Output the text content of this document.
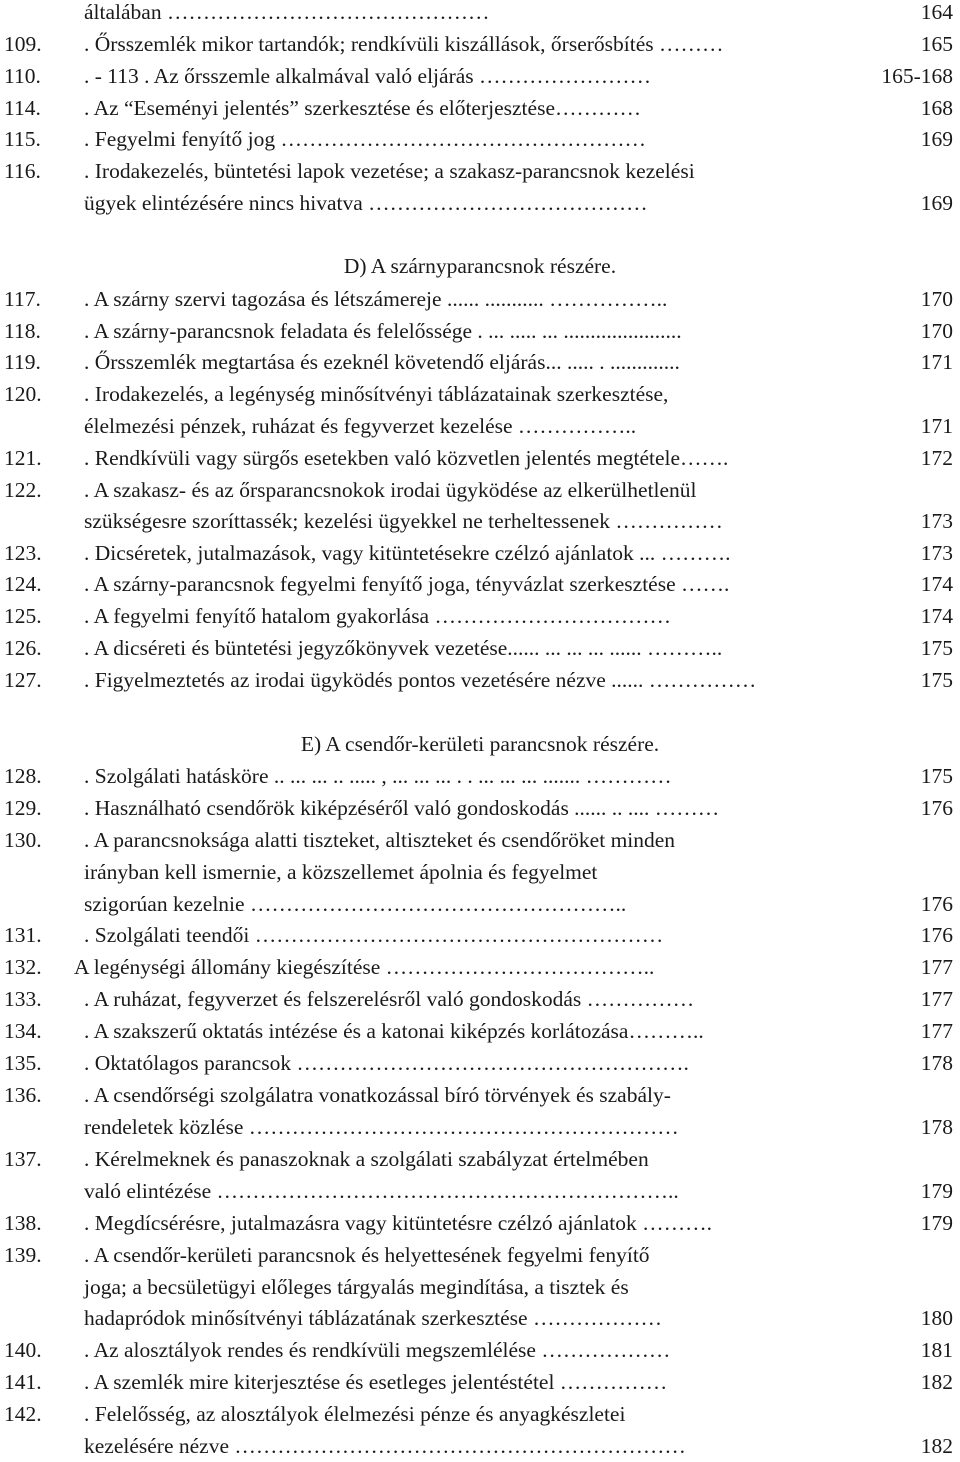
általában ………………………………………	164
109. . Őrsszemlék mikor tartandók; rendkívüli kiszállások, őrserősbítés ………	165
110. . - 113 . Az őrsszemle alkalmával való eljárás ……………………	165-168
114. . Az “Eseményi jelentés” szerkesztése és előterjesztése…………	168
115. . Fegyelmi fenyítő jog ……………………………………………	169
116. . Irodakezelés, büntetési lapok vezetése; a szakasz-parancsnok kezelési
ügyek elintézésére nincs hivatva …………………………………	169
D) A szárnyparancsnok részére.
117. . A szárny szervi tagozása és létszámereje ...... ........... ……………..	170
118. . A szárny-parancsnok feladata és felelőssége . ... ..... ... ......................	170
119. . Őrsszemlék megtartása és ezeknél követendő eljárás... ..... . .............	171
120. . Irodakezelés, a legénység minősítvényi táblázatainak szerkesztése,
élelmezési pénzek, ruházat és fegyverzet kezelése ……………..	171
121. . Rendkívüli vagy sürgős esetekben való közvetlen jelentés megtétele…….	172
122. . A szakasz- és az őrsparancsnokok irodai ügyködése az elkerülhetlenül
szükségesre szoríttassék; kezelési ügyekkel ne terheltessenek ……………	173
123. . Dicséretek, jutalmazások, vagy kitüntetésekre czélzó ajánlatok ... ……….	173
124. . A szárny-parancsnok fegyelmi fenyítő joga, tényvázlat szerkesztése …….	174
125. . A fegyelmi fenyítő hatalom gyakorlása ……………………………	174
126. . A dicséreti és büntetési jegyzőkönyvek vezetése...... ... ... ... ...... ………..	175
127. . Figyelmeztetés az irodai ügyködés pontos vezetésére nézve ...... ……………	175
E) A csendőr-kerületi parancsnok részére.
128. . Szolgálati hatásköre .. ... ... .. ..... , ... ... ... . . ... ... ... ....... …………	175
129. . Használható csendőrök kiképzéséről való gondoskodás ...... .. .... ………	176
130. . A parancsnoksága alatti tiszteket, altiszteket és csendőröket minden
irányban kell ismernie, a közszellemet ápolnia és fegyelmet
szigorúan kezelnie ……………………………………………..	176
131. . Szolgálati teendői …………………………………………………	176
132. A legénységi állomány kiegészítése ………………………………..	177
133. . A ruházat, fegyverzet és felszerelésről való gondoskodás ……………	177
134. . A szakszerű oktatás intézése és a katonai kiképzés korlátozása………..	177
135. . Oktatólagos parancsok ……………………………………………….	178
136. . A csendőrségi szolgálatra vonatkozással bíró törvények és szabály-
rendeletek közlése ……………………………………………………	178
137. . Kérelmeknek és panaszoknak a szolgálati szabályzat értelmében
való elintézése ………………………………………………………..	179
138. . Megdícsérésre, jutalmazásra vagy kitüntetésre czélzó ajánlatok ……….	179
139. . A csendőr-kerületi parancsnok és helyettesének fegyelmi fenyítő
joga; a becsületügyi előleges tárgyalás megindítása, a tisztek és
hadapródok minősítvényi táblázatának szerkesztése ………………	180
140. . Az alosztályok rendes és rendkívüli megszemlélése ………………	181
141. . A szemlék mire kiterjesztése és esetleges jelentéstétel ……………	182
142. . Felelősség, az alosztályok élelmezési pénze és anyagkészletei
kezelésére nézve ………………………………………………………	182
